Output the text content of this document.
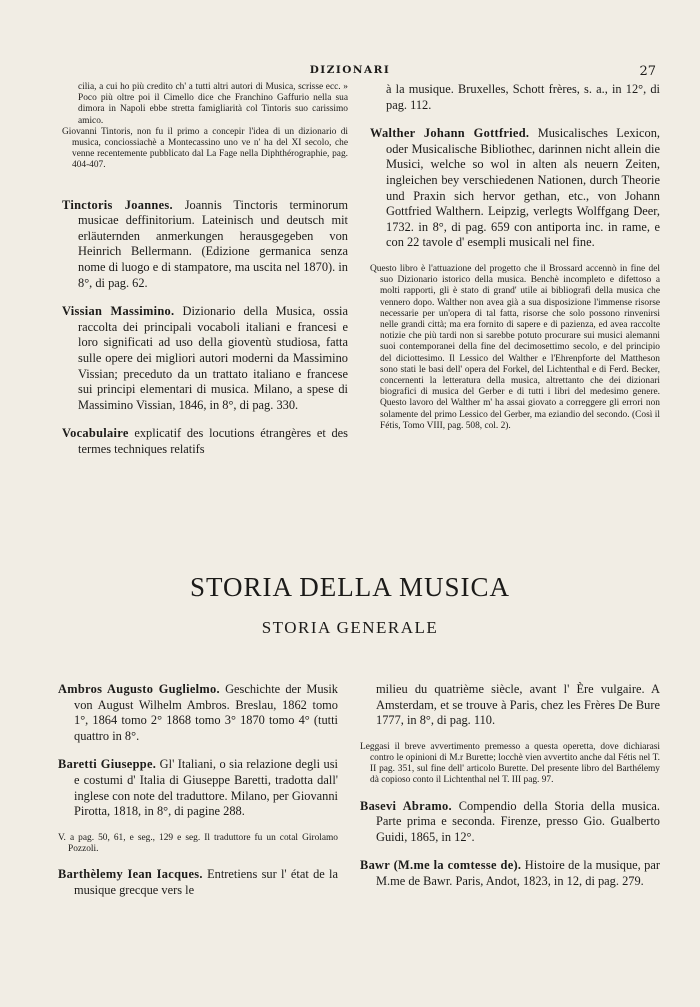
DIZIONARI	27

cilia, a cui ho più credito ch' a tutti altri autori di Musica, scrisse ecc. » Poco più oltre poi il Cimello dice che Franchino Gaffurio nella sua dimora in Napoli ebbe stretta famigliarità col Tintoris suo carissimo amico.

Giovanni Tintoris, non fu il primo a concepir l'idea di un dizionario di musica, conciossiachè a Montecassino uno ve n' ha del XI secolo, che venne recentemente pubblicato dal La Fage nella Diphthérographie, pag. 404-407.

Tinctoris Joannes. Joannis Tinctoris terminorum musicae deffinitorium. Lateinisch und deutsch mit erläuternden anmerkungen herausgegeben von Heinrich Bellermann. (Edizione germanica senza nome di luogo e di stampatore, ma uscita nel 1870). in 8°, di pag. 62.

Vissian Massimino. Dizionario della Musica, ossia raccolta dei principali vocaboli italiani e francesi e loro significati ad uso della gioventù studiosa, fatta sulle opere dei migliori autori moderni da Massimino Vissian; preceduto da un trattato italiano e francese sui principi elementari di musica. Milano, a spese di Massimino Vissian, 1846, in 8°, di pag. 330.

Vocabulaire explicatif des locutions étrangères et des termes techniques relatifs

à la musique. Bruxelles, Schott frères, s. a., in 12°, di pag. 112.

Walther Johann Gottfried. Musicalisches Lexicon, oder Musicalische Bibliothec, darinnen nicht allein die Musici, welche so wol in alten als neuern Zeiten, ingleichen bey verschiedenen Nationen, durch Theorie und Praxin sich hervor gethan, etc., von Johann Gottfried Walthern. Leipzig, verlegts Wolffgang Deer, 1732. in 8°, di pag. 659 con antiporta inc. in rame, e con 22 tavole d' esempli musicali nel fine.

Questo libro è l'attuazione del progetto che il Brossard accennò in fine del suo Dizionario istorico della musica. Benchè incompleto e difettoso a molti rapporti, gli è stato di grand' utile ai bibliografi della musica che vennero dopo. Walther non avea già a sua disposizione l'immense risorse necessarie per un'opera di tal fatta, risorse che solo possono rinvenirsi nelle grandi città; ma era fornito di sapere e di pazienza, ed avea raccolte notizie che più tardi non si sarebbe potuto procurare sui musici alemanni suoi contemporanei della fine del decimosettimo secolo, e del principio del diciottesimo. Il Lessico del Walther e l'Ehrenpforte del Mattheson sono stati le basi dell' opera del Forkel, del Lichtenthal e di Ferd. Becker, concernenti la letteratura della musica, altrettanto che dei dizionari biografici di musica del Gerber e di tutti i libri del medesimo genere. Questo lavoro del Walther m' ha assai giovato a correggere gli errori non solamente del primo Lessico del Gerber, ma eziandio del secondo. (Così il Fétis, Tomo VIII, pag. 508, col. 2).

STORIA DELLA MUSICA
STORIA GENERALE

Ambros Augusto Guglielmo. Geschichte der Musik von August Wilhelm Ambros. Breslau, 1862 tomo 1°, 1864 tomo 2° 1868 tomo 3° 1870 tomo 4° (tutti quattro in 8°.

Baretti Giuseppe. Gl' Italiani, o sia relazione degli usi e costumi d' Italia di Giuseppe Baretti, tradotta dall' inglese con note del traduttore. Milano, per Giovanni Pirotta, 1818, in 8°, di pagine 288.

V. a pag. 50, 61, e seg., 129 e seg. Il traduttore fu un cotal Girolamo Pozzoli.

Barthèlemy Iean Iacques. Entretiens sur l' état de la musique grecque vers le

milieu du quatrième siècle, avant l' Ère vulgaire. A Amsterdam, et se trouve à Paris, chez les Frères De Bure 1777, in 8°, di pag. 110.

Leggasi il breve avvertimento premesso a questa operetta, dove dichiarasi contro le opinioni di M.r Burette; locchè vien avvertito anche dal Fétis nel T. II pag. 351, sul fine dell' articolo Burette. Del presente libro del Barthélemy dà copioso conto il Lichtenthal nel T. III pag. 97.

Basevi Abramo. Compendio della Storia della musica. Parte prima e seconda. Firenze, presso Gio. Gualberto Guidi, 1865, in 12°.

Bawr (M.me la comtesse de). Histoire de la musique, par M.me de Bawr. Paris, Andot, 1823, in 12, di pag. 279.
